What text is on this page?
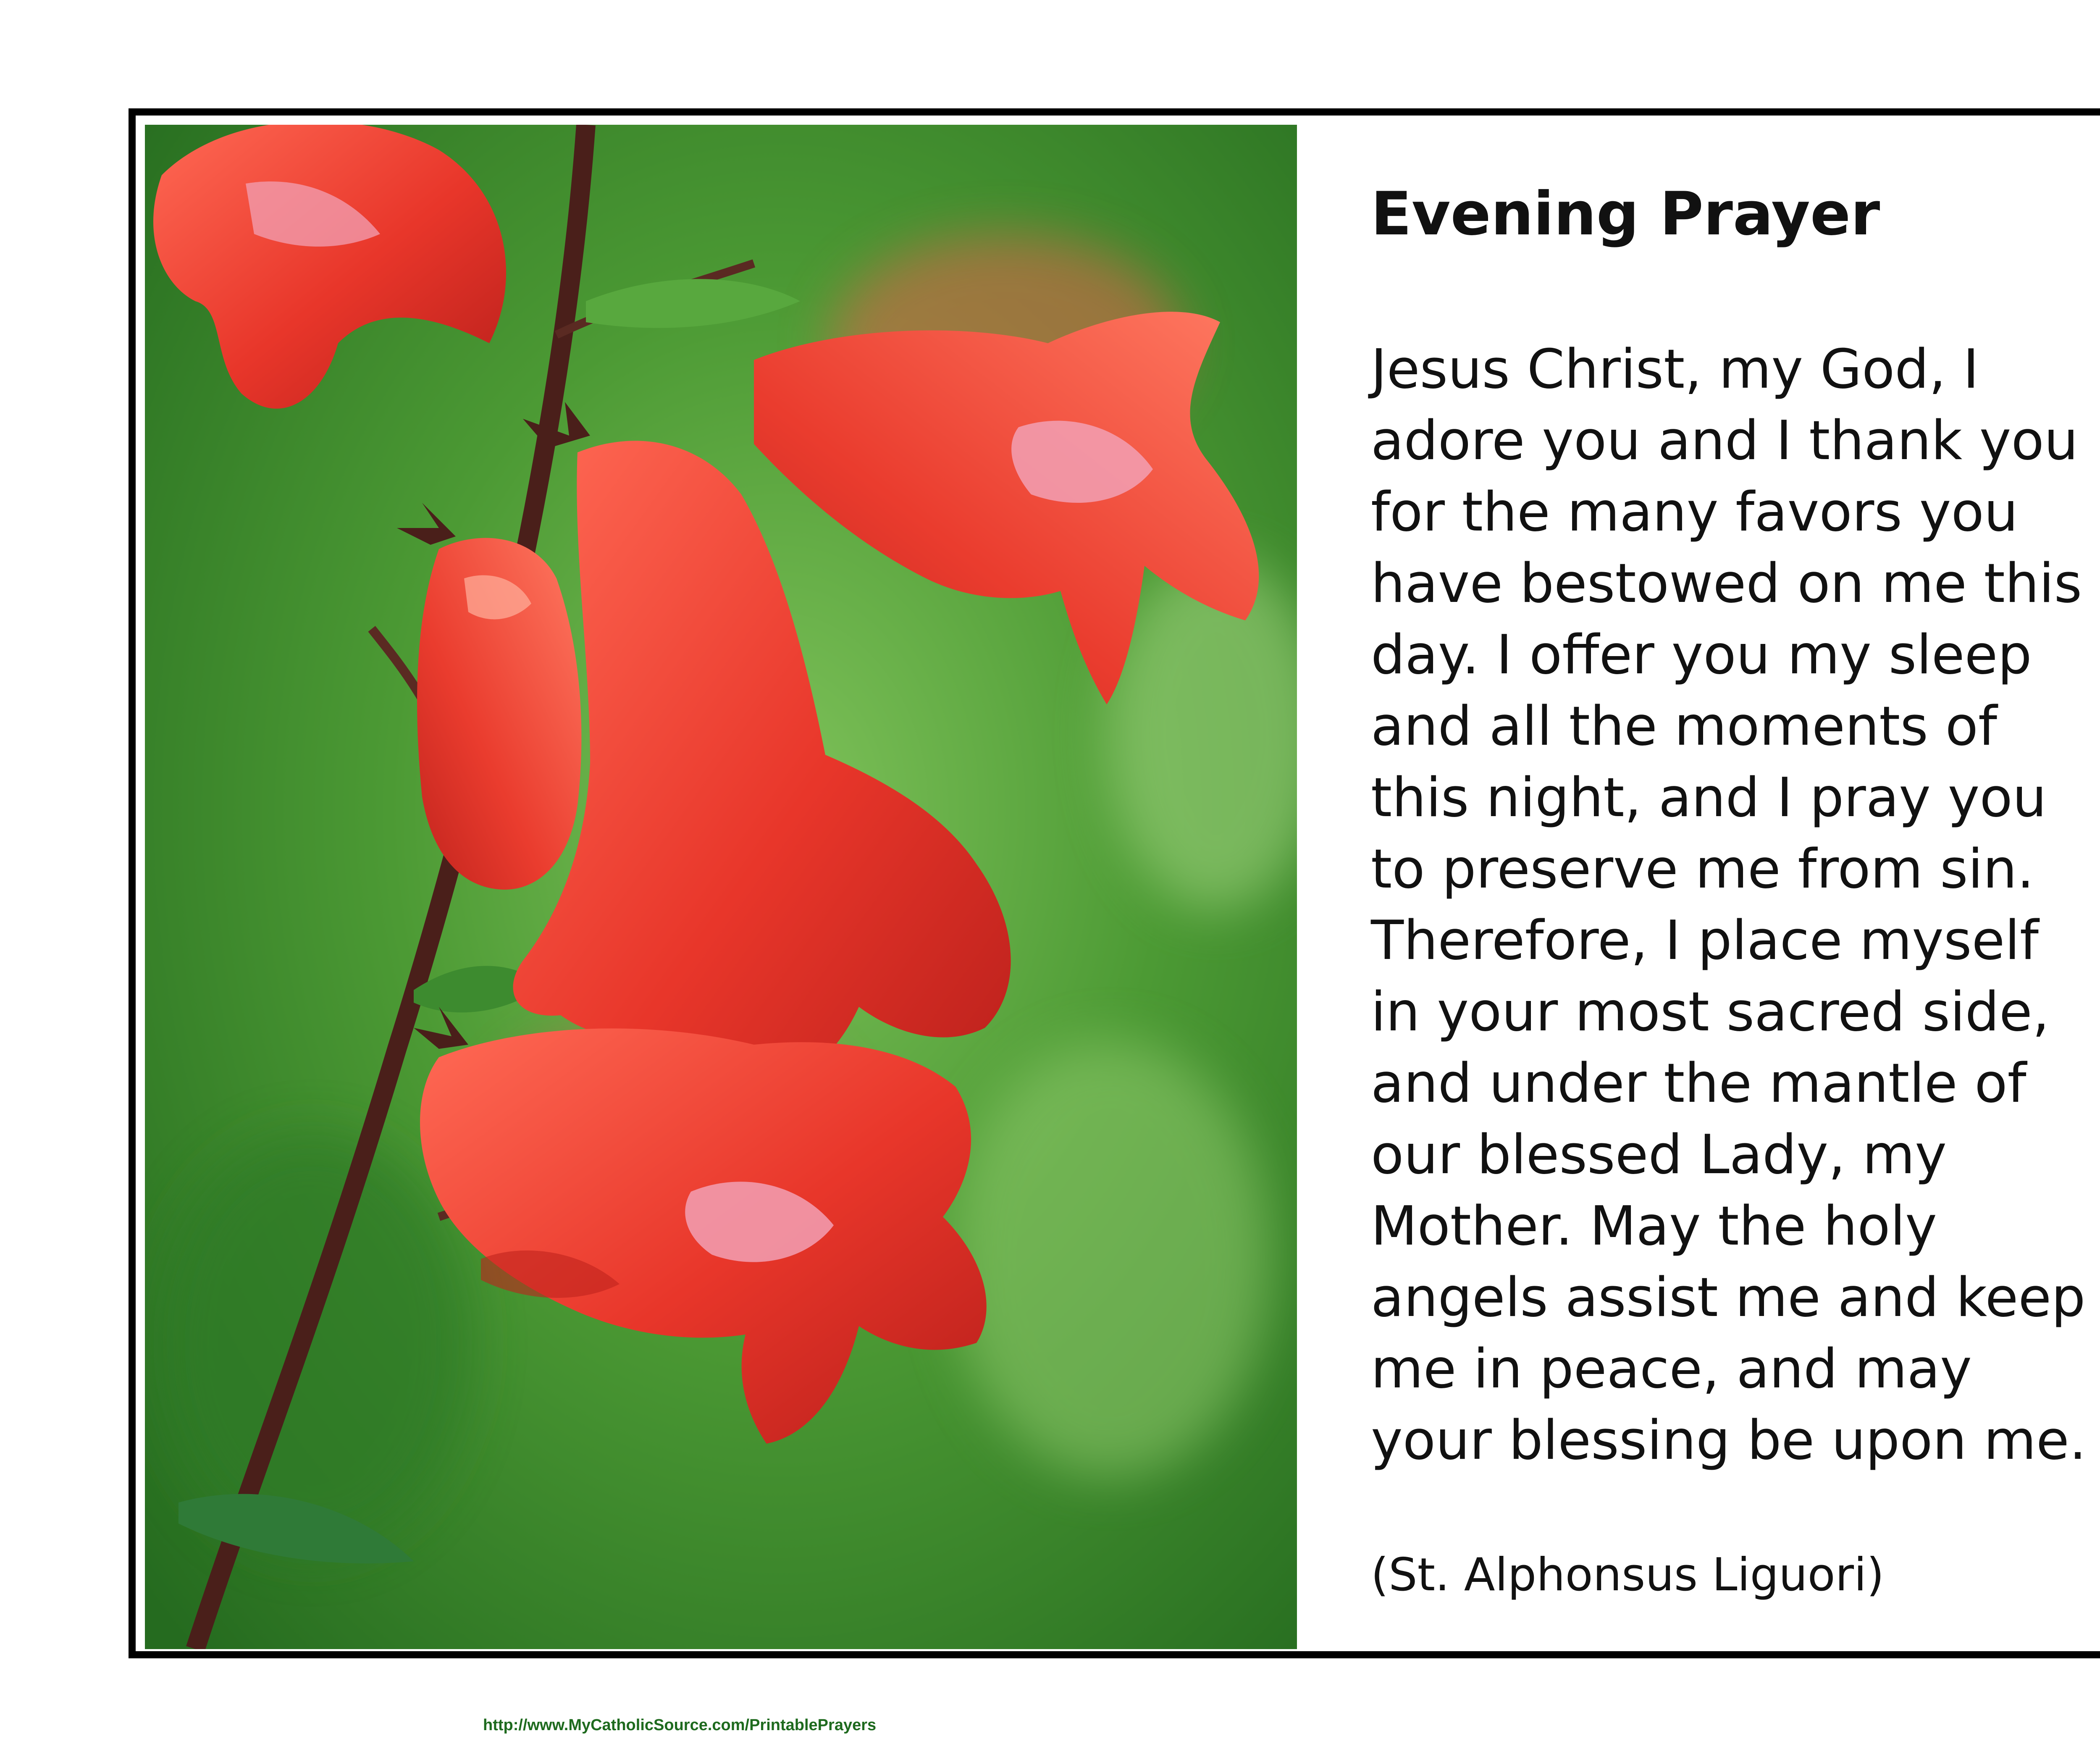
Evening Prayer

Jesus Christ, my God, I
adore you and I thank you
for the many favors you
have bestowed on me this
day. I offer you my sleep
and all the moments of
this night, and I pray you
to preserve me from sin.
Therefore, I place myself
in your most sacred side,
and under the mantle of
our blessed Lady, my
Mother. May the holy
angels assist me and keep
me in peace, and may
your blessing be upon me.

(St. Alphonsus Liguori)

http://www.MyCatholicSource.com/PrintablePrayers
